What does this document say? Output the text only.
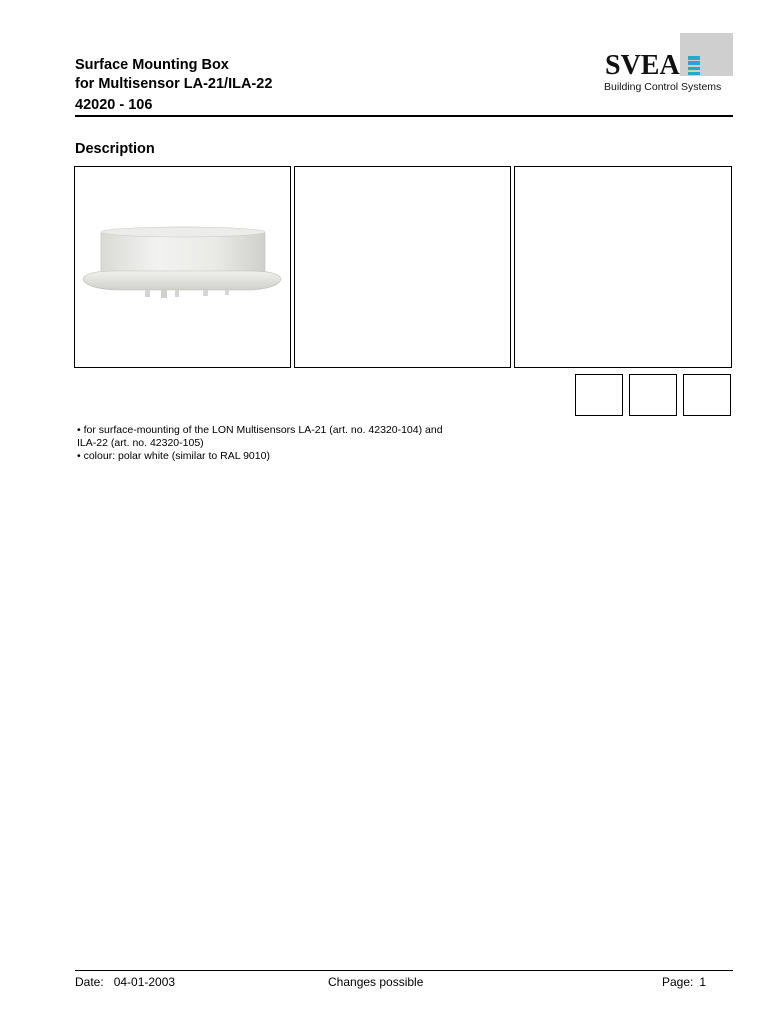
Surface Mounting Box
for Multisensor LA-21/ILA-22
42020 - 106
SVEA
Building Control Systems
Description
• for surface-mounting of the LON Multisensors LA-21 (art. no. 42320-104) and
ILA-22 (art. no. 42320-105)
• colour: polar white (similar to RAL 9010)
Date: 04-01-2003	Changes possible	Page: 1
